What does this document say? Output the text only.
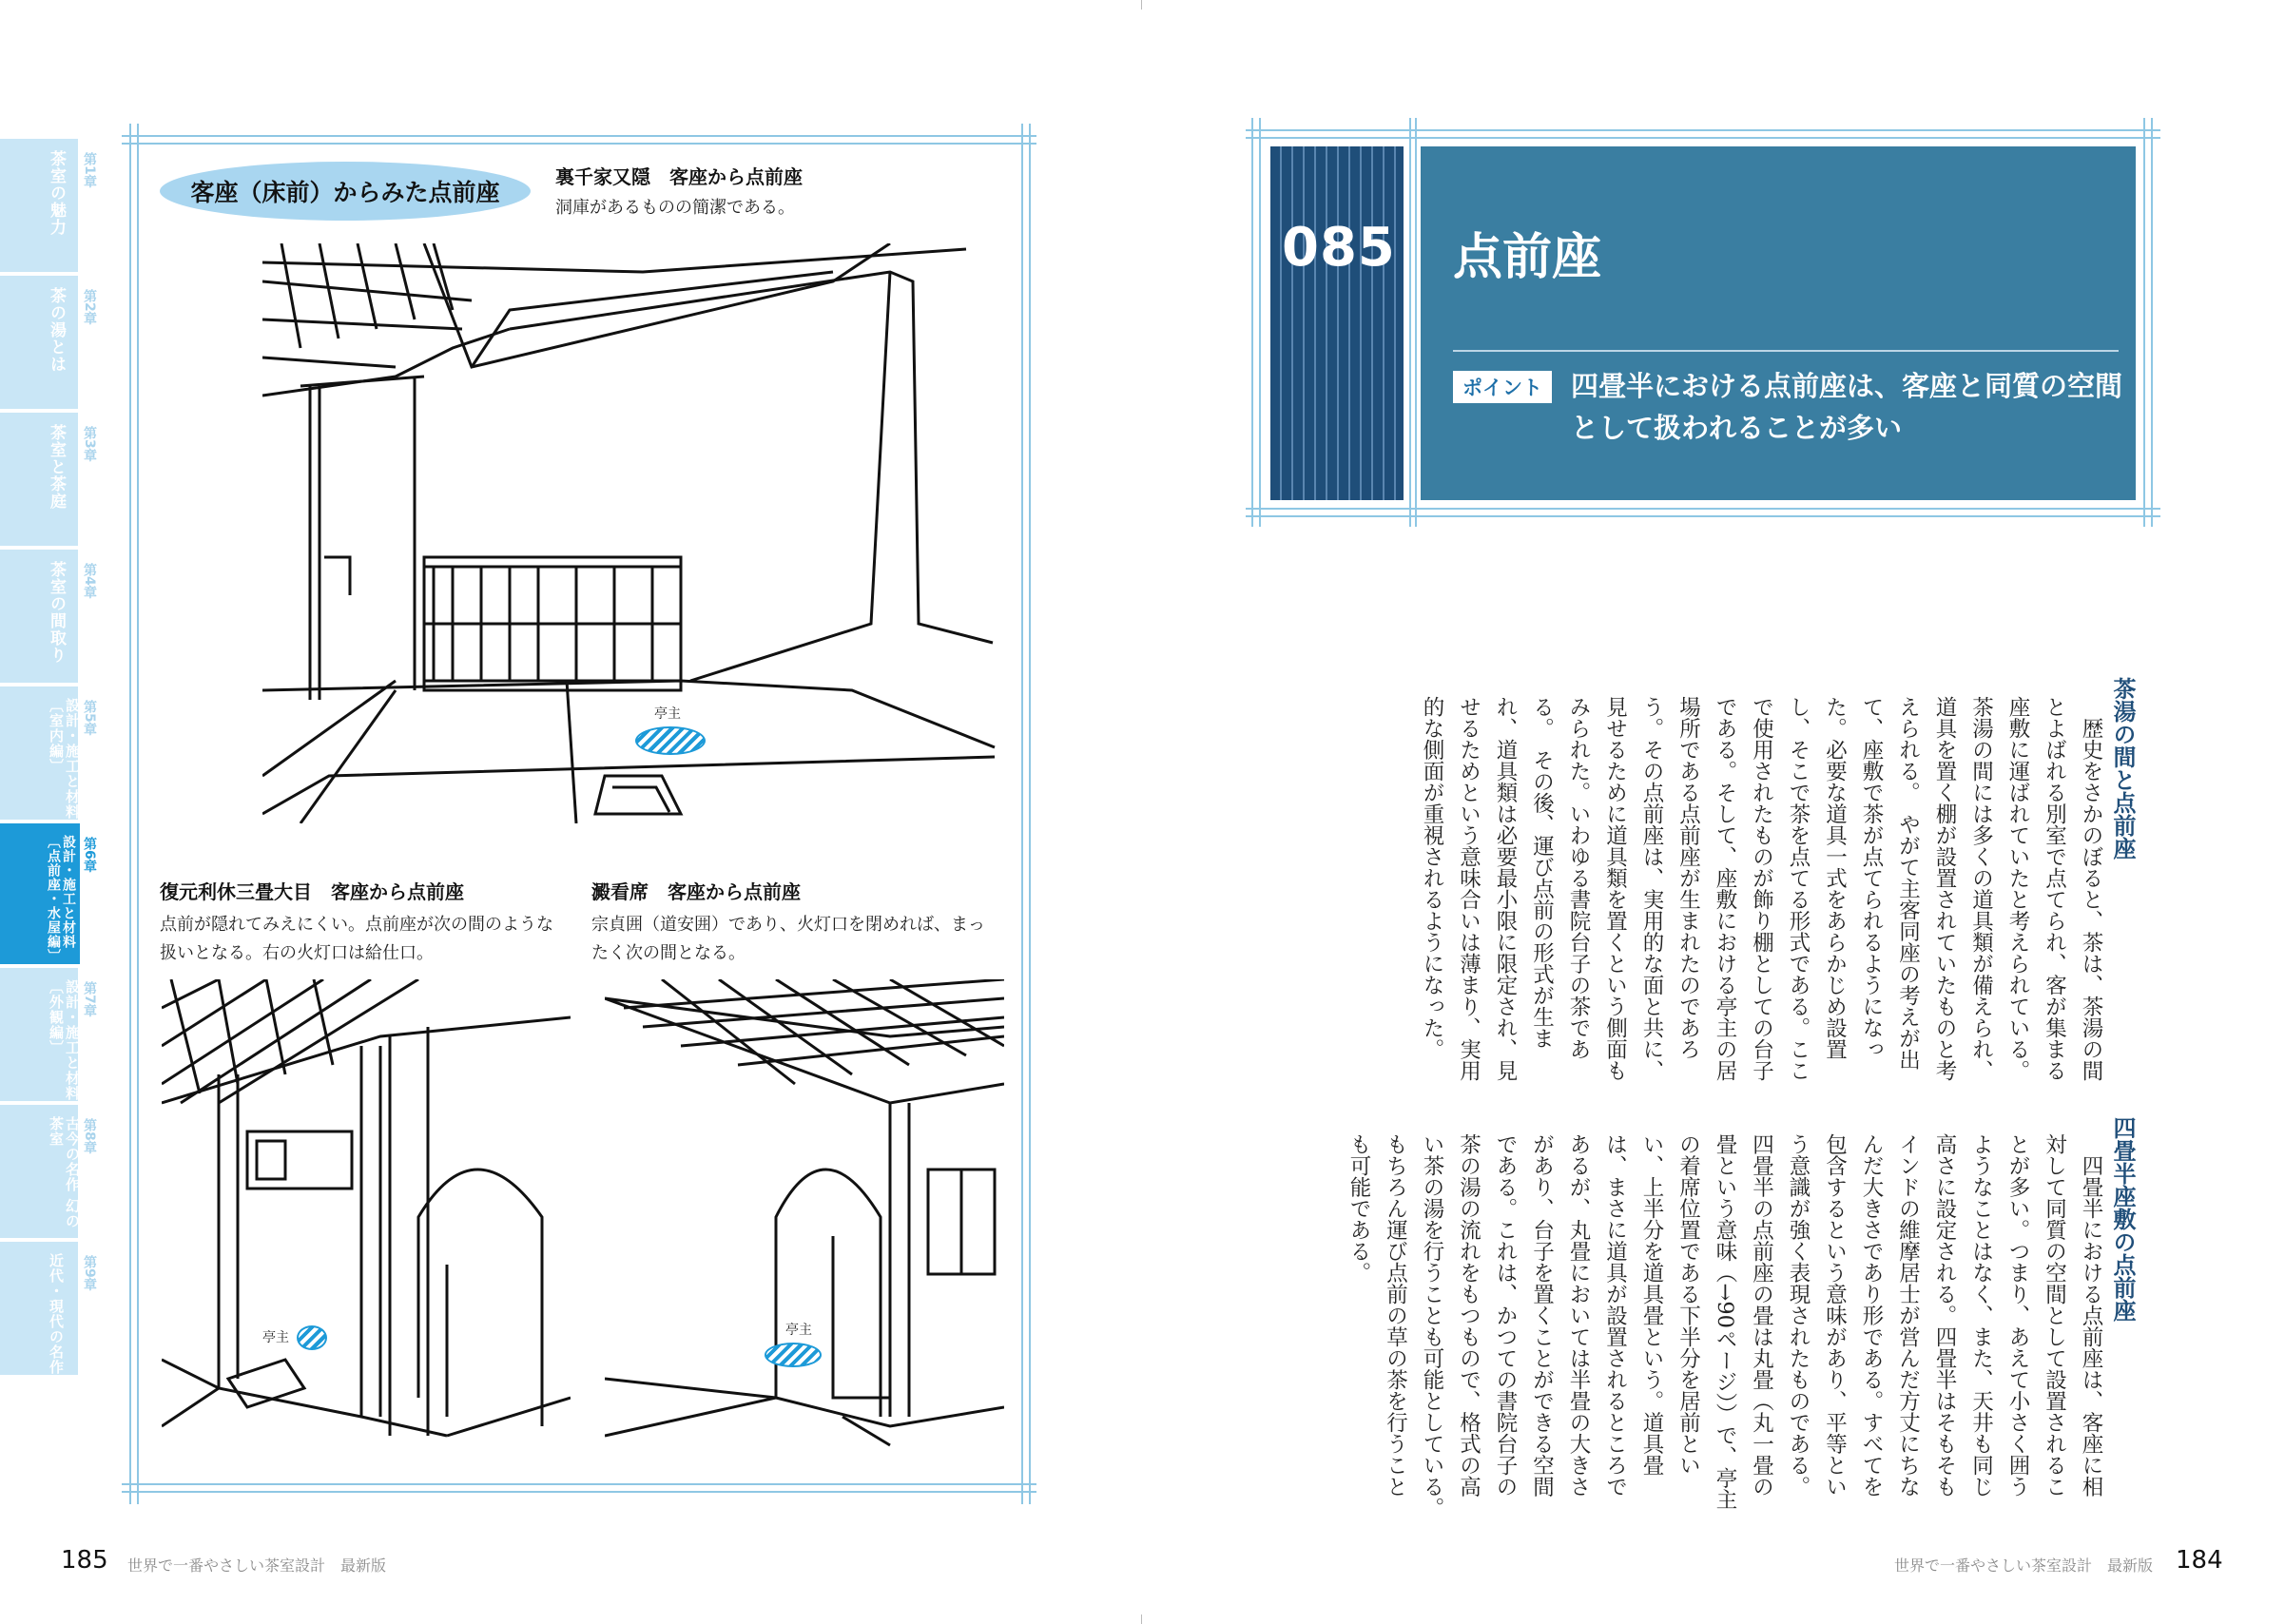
茶室の魅力 第1章
茶の湯とは 第2章
茶室と茶庭 第3章
茶室の間取り 第4章
設計・施工と材料〔室内編〕	第5章
設計・施工と材料〔点前座・水屋編〕	第6章
設計・施工と材料〔外観編〕	第7章
古今の名作 幻の茶室	第8章
近代・現代の名作 第9章
客座（床前）からみた点前座
裏千家又隠　客座から点前座
洞庫があるものの簡潔である。
亭主
復元利休三畳大目　客座から点前座
点前が隠れてみえにくい。点前座が次の間のような
扱いとなる。右の火灯口は給仕口。
澱看席　客座から点前座
宗貞囲（道安囲）であり、火灯口を閉めれば、まっ
たく次の間となる。
亭主	亭主
185 世界で一番やさしい茶室設計　最新版
085 点前座
ポイント	四畳半における点前座は、客座と同質の空間として扱われることが多い
茶湯の間と点前座
　歴史をさかのぼると、茶は、茶湯の間とよばれる別室で点てられ、客が集まる座敷に運ばれていたと考えられている。茶湯の間には多くの道具類が備えられ、道具を置く棚が設置されていたものと考えられる。　やがて主客同座の考えが出て、座敷で茶が点てられるようになった。必要な道具一式をあらかじめ設置し、そこで茶を点てる形式である。ここで使用されたものが飾り棚としての台子である。そして、座敷における亭主の居場所である点前座が生まれたのであろう。その点前座は、実用的な面と共に、見せるために道具類を置くという側面もみられた。いわゆる書院台子の茶である。　その後、運び点前の形式が生まれ、道具類は必要最小限に限定され、見せるためという意味合いは薄まり、実用的な側面が重視されるようになった。
四畳半座敷の点前座
　四畳半における点前座は、客座に相対して同質の空間として設置されることが多い。つまり、あえて小さく囲うようなことはなく、また、天井も同じ高さに設定される。四畳半はそもそもインドの維摩居士が営んだ方丈にちなんだ大きさであり形である。すべてを包含するという意味があり、平等という意識が強く表現されたものである。　四畳半の点前座の畳は丸畳（丸一畳の畳という意味（→90ページ））で、亭主の着席位置である下半分を居前といい、上半分を道具畳という。道具畳は、まさに道具が設置されるところであるが、丸畳においては半畳の大きさがあり、台子を置くことができる空間である。これは、かつての書院台子の茶の湯の流れをもつもので、格式の高い茶の湯を行うことも可能としている。　もちろん運び点前の草の茶を行うことも可能である。
世界で一番やさしい茶室設計　最新版 184
